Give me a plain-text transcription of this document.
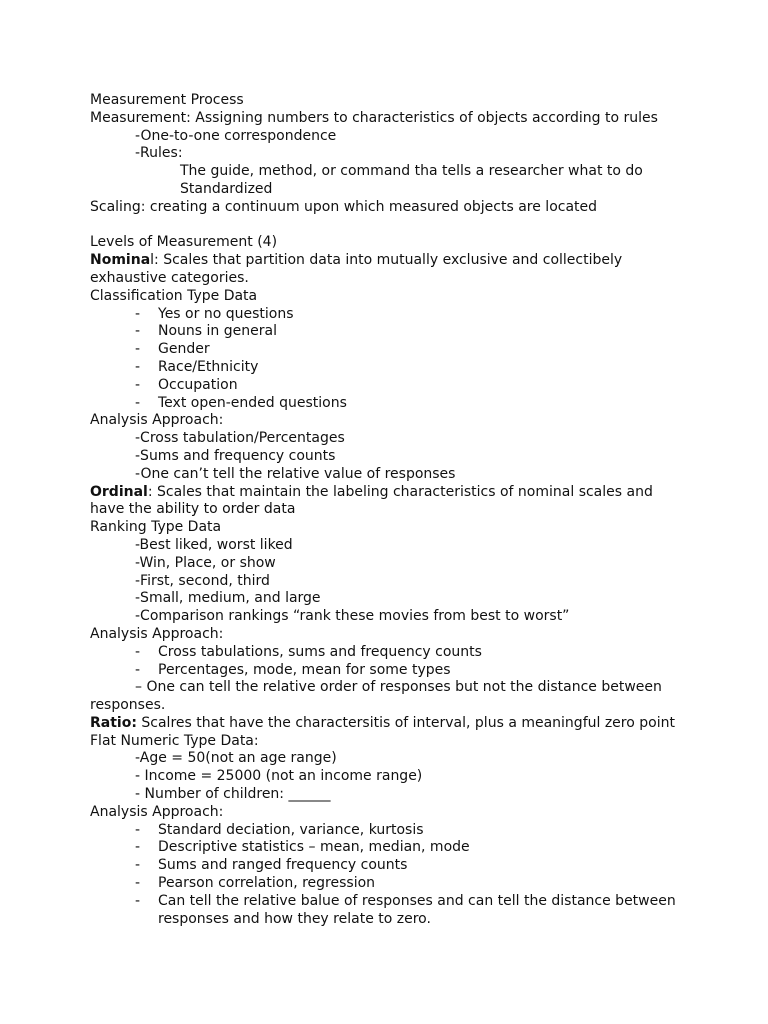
Measurement Process
Measurement: Assigning numbers to characteristics of objects according to rules
-One-to-one correspondence
-Rules:
The guide, method, or command tha tells a researcher what to do
Standardized
Scaling: creating a continuum upon which measured objects are located
Levels of Measurement (4)
Nominal: Scales that partition data into mutually exclusive and collectibely exhaustive categories.
Classification Type Data
- Yes or no questions
- Nouns in general
- Gender
- Race/Ethnicity
- Occupation
- Text open-ended questions
Analysis Approach:
-Cross tabulation/Percentages
-Sums and frequency counts
-One can’t tell the relative value of responses
Ordinal: Scales that maintain the labeling characteristics of nominal scales and have the ability to order data
Ranking Type Data
-Best liked, worst liked
-Win, Place, or show
-First, second, third
-Small, medium, and large
-Comparison rankings “rank these movies from best to worst”
Analysis Approach:
- Cross tabulations, sums and frequency counts
- Percentages, mode, mean for some types
– One can tell the relative order of responses but not the distance between responses.
Ratio: Scalres that have the charactersitis of interval, plus a meaningful zero point
Flat Numeric Type Data:
-Age = 50(not an age range)
- Income = 25000 (not an income range)
- Number of children: ______
Analysis Approach:
- Standard deciation, variance, kurtosis
- Descriptive statistics – mean, median, mode
- Sums and ranged frequency counts
- Pearson correlation, regression
- Can tell the relative balue of responses and can tell the distance between responses and how they relate to zero.
